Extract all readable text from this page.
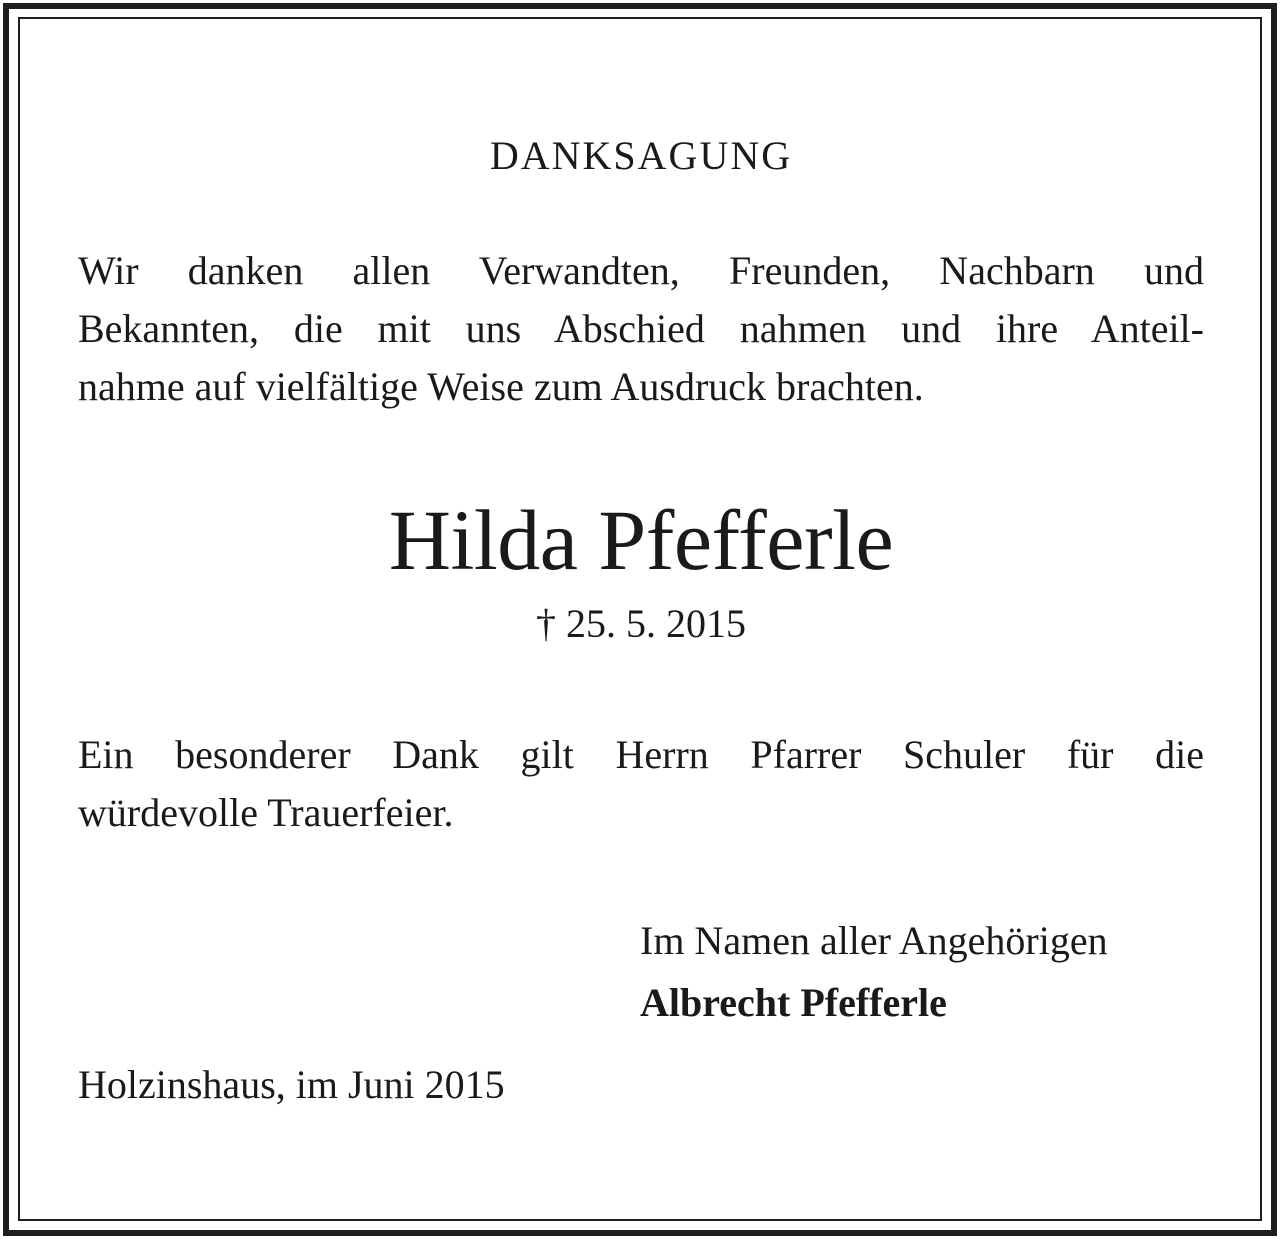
DANKSAGUNG
Wir danken allen Verwandten, Freunden, Nachbarn und
Bekannten, die mit uns Abschied nahmen und ihre Anteil-
nahme auf vielfältige Weise zum Ausdruck brachten.
Hilda Pfefferle
† 25. 5. 2015
Ein besonderer Dank gilt Herrn Pfarrer Schuler für die
würdevolle Trauerfeier.
Im Namen aller Angehörigen
Albrecht Pfefferle
Holzinshaus, im Juni 2015
